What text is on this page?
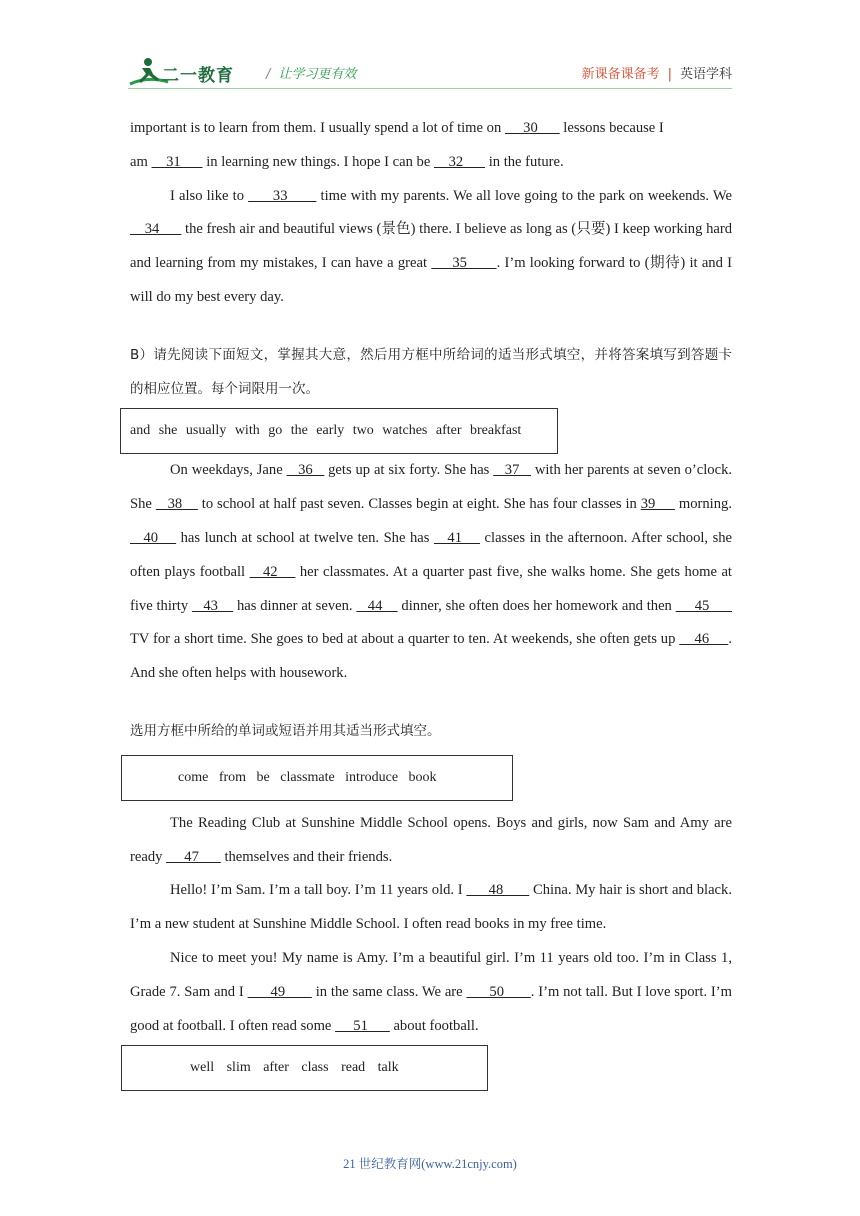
二一教育 / 让学习更有效	新课备课备考 | 英语学科

important is to learn from them. I usually spend a lot of time on      30       lessons because I

am     31       in learning new things. I hope I can be     32       in the future.

I also like to       33        time with my parents. We all love going to the park on weekends. We     34       the fresh air and beautiful views (景色) there. I believe as long as (只要) I keep working hard and learning from my mistakes, I can have a great      35       . I’m looking forward to (期待) it and I will do my best every day.

B）请先阅读下面短文，掌握其大意，然后用方框中所给词的适当形式填空，并将答案填写到答题卡的相应位置。每个词限用一次。

and she usually with go the early two watches after breakfast

On weekdays, Jane    36    gets up at six forty. She has    37    with her parents at seven o’clock. She    38     to school at half past seven. Classes begin at eight. She has four classes in 39      morning.    40     has lunch at school at twelve ten. She has    41     classes in the afternoon. After school, she often plays football    42     her classmates. At a quarter past five, she walks home. She gets home at five thirty    43     has dinner at seven.    44     dinner, she often does her homework and then      45       TV for a short time. She goes to bed at about a quarter to ten. At weekends, she often gets up     46     . And she often helps with housework.

选用方框中所给的单词或短语并用其适当形式填空。

come from be classmate introduce book

The Reading Club at Sunshine Middle School opens. Boys and girls, now Sam and Amy are ready      47       themselves and their friends.

Hello! I’m Sam. I’m a tall boy. I’m 11 years old. I       48        China. My hair is short and black. I’m a new student at Sunshine Middle School. I often read books in my free time.

Nice to meet you! My name is Amy. I’m a beautiful girl. I’m 11 years old too. I’m in Class 1, Grade 7. Sam and I       49        in the same class. We are       50       . I’m not tall. But I love sport. I’m good at football. I often read some      51       about football.

well slim after class read talk
21 世纪教育网(www.21cnjy.com)
